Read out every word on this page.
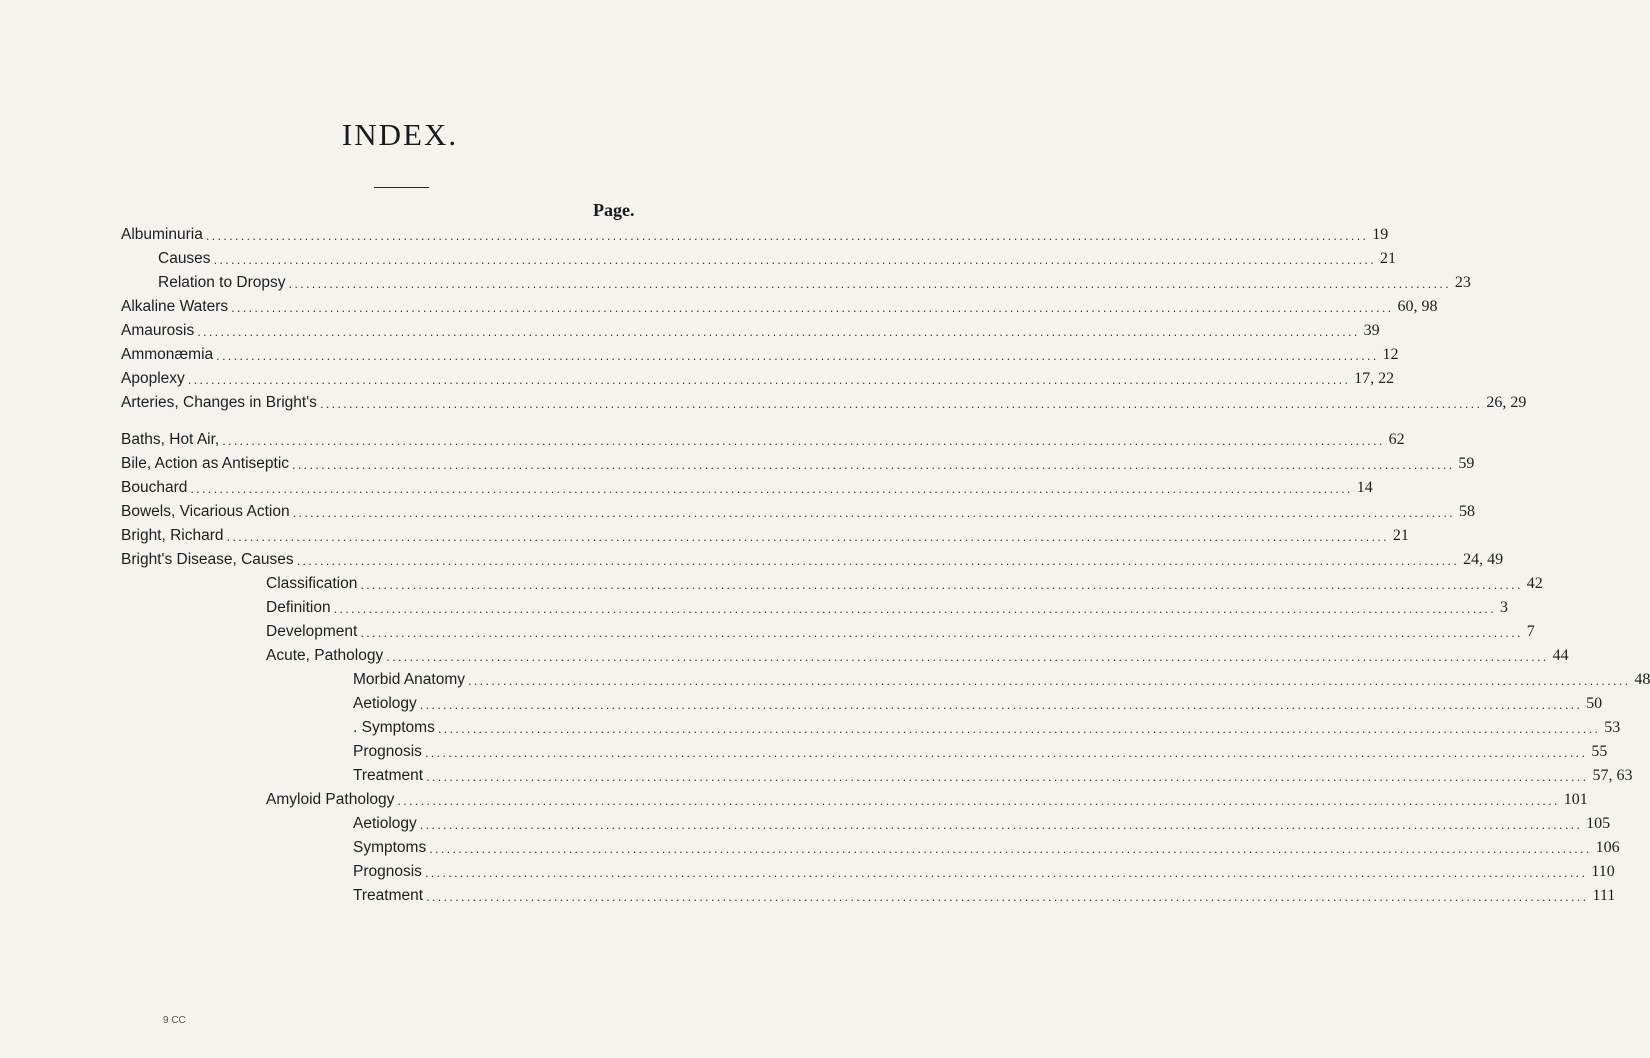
INDEX.
Page.
Albuminuria ........................................................................................................................................................................................................ 19
Causes ........................................................................................................................................................................................................ 21
Relation to Dropsy ........................................................................................................................................................................................................ 23
Alkaline Waters ........................................................................................................................................................................................................ 60, 98
Amaurosis ........................................................................................................................................................................................................ 39
Ammonæmia ........................................................................................................................................................................................................ 12
Apoplexy ........................................................................................................................................................................................................ 17, 22
Arteries, Changes in Bright's ........................................................................................................................................................................................................ 26, 29
Baths, Hot Air, ........................................................................................................................................................................................................ 62
Bile, Action as Antiseptic ........................................................................................................................................................................................................ 59
Bouchard ........................................................................................................................................................................................................ 14
Bowels, Vicarious Action ........................................................................................................................................................................................................ 58
Bright, Richard ........................................................................................................................................................................................................ 21
Bright's Disease, Causes ........................................................................................................................................................................................................ 24, 49
Classification ........................................................................................................................................................................................................ 42
Definition ........................................................................................................................................................................................................ 3
Development ........................................................................................................................................................................................................ 7
Acute, Pathology ........................................................................................................................................................................................................ 44
Morbid Anatomy ........................................................................................................................................................................................................ 48
Aetiology ........................................................................................................................................................................................................ 50
. Symptoms ........................................................................................................................................................................................................ 53
Prognosis ........................................................................................................................................................................................................ 55
Treatment ........................................................................................................................................................................................................ 57, 63
Amyloid Pathology ........................................................................................................................................................................................................ 101
Aetiology ........................................................................................................................................................................................................ 105
Symptoms ........................................................................................................................................................................................................ 106
Prognosis ........................................................................................................................................................................................................ 110
Treatment ........................................................................................................................................................................................................ 111
9 CC
